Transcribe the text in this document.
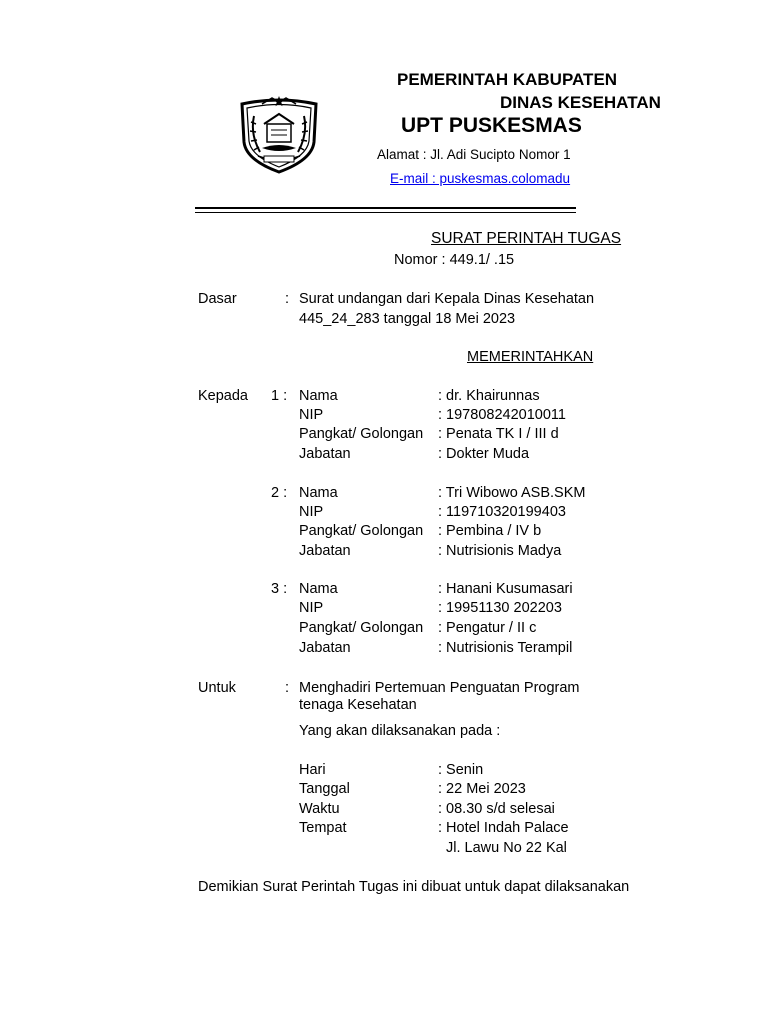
PEMERINTAH KABUPATEN
DINAS KESEHATAN
UPT PUSKESMAS
Alamat : Jl. Adi Sucipto Nomor 1
E-mail : puskesmas.colomadu
SURAT PERINTAH TUGAS
Nomor : 449.1/ .15
Dasar	: Surat undangan dari Kepala Dinas Kesehatan
445_24_283 tanggal 18 Mei 2023
MEMERINTAHKAN
Kepada 1 : Nama	: dr. Khairunnas
NIP	: 197808242010011
Pangkat/ Golongan : Penata TK I / III d
Jabatan	: Dokter Muda
2 : Nama	: Tri Wibowo ASB.SKM
NIP	: 119710320199403
Pangkat/ Golongan : Pembina / IV b
Jabatan	: Nutrisionis Madya
3 : Nama	: Hanani Kusumasari
NIP	: 19951130 202203
Pangkat/ Golongan : Pengatur / II c
Jabatan	: Nutrisionis Terampil
Untuk	: Menghadiri Pertemuan Penguatan Program
tenaga Kesehatan
Yang akan dilaksanakan pada :
Hari	: Senin
Tanggal	: 22 Mei 2023
Waktu	: 08.30 s/d selesai
Tempat	: Hotel Indah Palace
Jl. Lawu No 22 Kal
Demikian Surat Perintah Tugas ini dibuat untuk dapat dilaksanakan
